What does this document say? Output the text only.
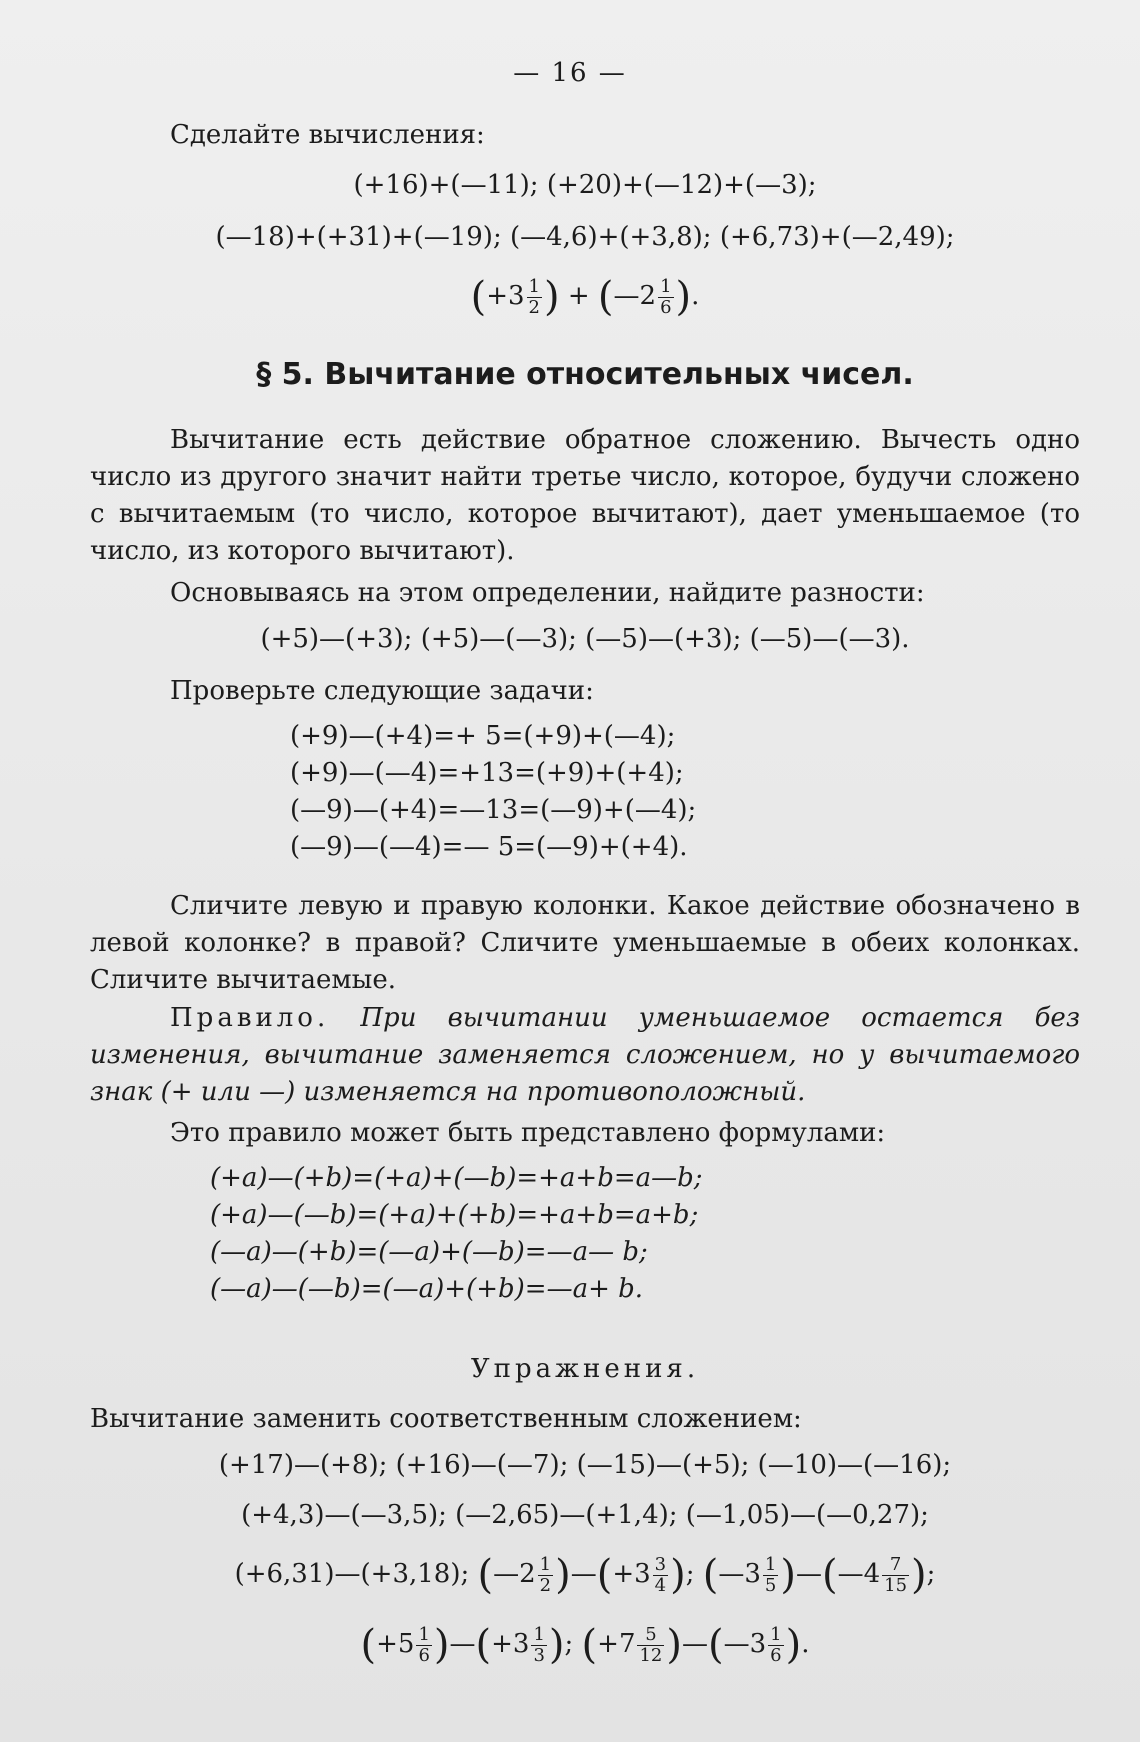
— 16 —
Сделайте вычисления:
(+16)+(—11); (+20)+(—12)+(—3);
(—18)+(+31)+(—19); (—4,6)+(+3,8); (+6,73)+(—2,49);
($+3 \frac{1}{2}$ ) + (—2 $\frac{1}{6}$ ).
§ 5. Вычитание относительных чисел.
Вычитание есть действие обратное сложению. Вычесть одно число из другого значит найти третье число, которое, будучи сложено с вычитаемым (то число, которое вычитают), дает уменьшаемое (то число, из которого вычитают).
Основываясь на этом определении, найдите разности:
(+5)—(+3); (+5)—(—3); (—5)—(+3); (—5)—(—3).
Проверьте следующие задачи:
(+9)—(+4)=+ 5=(+9)+(—4);
(+9)—(—4)=+13=(+9)+(+4);
(—9)—(+4)=—13=(—9)+(—4);
(—9)—(—4)=— 5=(—9)+(+4).
Сличите левую и правую колонки. Какое действие обозначено в левой колонке? в правой? Сличите уменьшаемые в обеих колонках. Сличите вычитаемые.
Правило. При вычитании уменьшаемое остается без изменения, вычитание заменяется сложением, но у вычитаемого знак (+ или —) изменяется на противоположный.
Это правило может быть представлено формулами:
(+a)—(+b)=(+a)+(—b)=+a+b=a—b;
(+a)—(—b)=(+a)+(+b)=+a+b=a+b;
(—a)—(+b)=(—a)+(—b)=—a— b;
(—a)—(—b)=(—a)+(+b)=—a+ b.
Упражнения.
Вычитание заменить соответственным сложением:
(+17)—(+8); (+16)—(—7); (—15)—(+5); (—10)—(—16);
(+4,3)—(—3,5); (—2,65)—(+1,4); (—1,05)—(—0,27);
(+6,31)—(+3,18); (—2 $\frac{1}{2}$ )—(+3 $\frac{3}{4}$ ); (—3 $\frac{1}{5}$ )—(—4 $\frac{7}{15}$ );
($+5 \frac{1}{6}$ )—(+3 $\frac{1}{3}$ ); ($+7 \frac{5}{12}$ )—(—3 $\frac{1}{6}$ ).
